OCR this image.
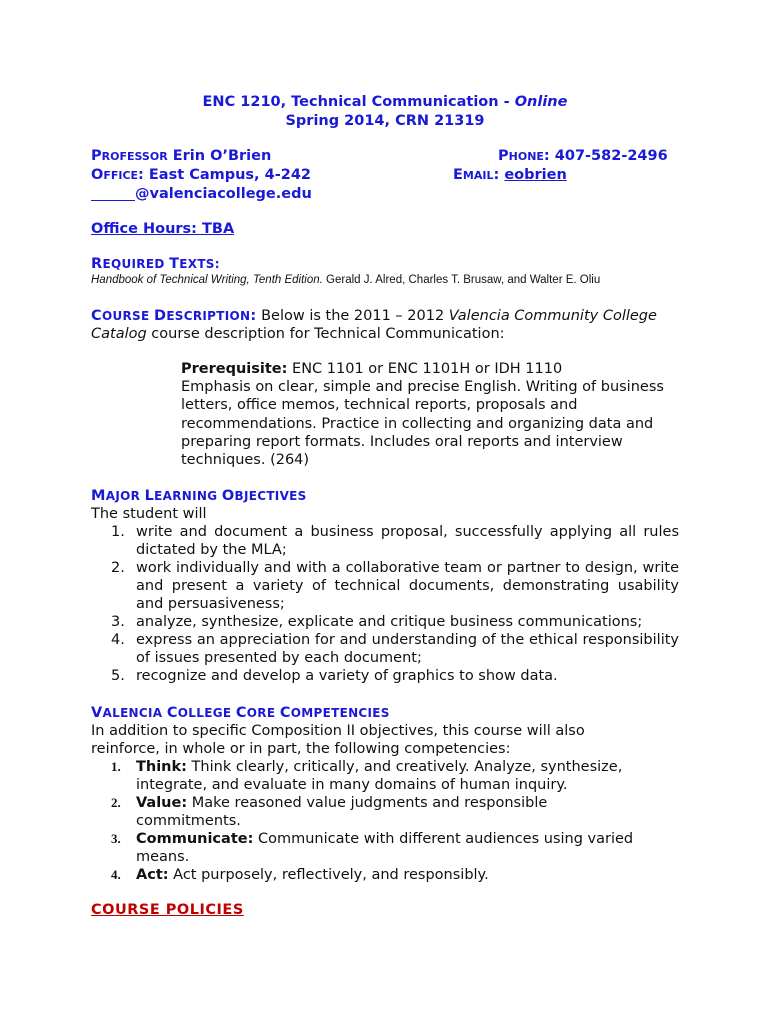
ENC 1210, Technical Communication - Online
Spring 2014, CRN 21319
PROFESSOR Erin O’Brien
OFFICE: East Campus, 4-242
@valenciacollege.edu
PHONE: 407-582-2496
EMAIL: eobrien
Office Hours: TBA
REQUIRED TEXTS:
Handbook of Technical Writing, Tenth Edition. Gerald J. Alred, Charles T. Brusaw, and Walter E. Oliu
COURSE DESCRIPTION: Below is the 2011 – 2012 Valencia Community College
Catalog course description for Technical Communication:
Prerequisite: ENC 1101 or ENC 1101H or IDH 1110
Emphasis on clear, simple and precise English. Writing of business letters, office memos, technical reports, proposals and recommendations. Practice in collecting and organizing data and preparing report formats. Includes oral reports and interview techniques. (264)
MAJOR LEARNING OBJECTIVES
The student will
1. write and document a business proposal, successfully applying all rules dictated by the MLA;
2. work individually and with a collaborative team or partner to design, write and present a variety of technical documents, demonstrating usability and persuasiveness;
3. analyze, synthesize, explicate and critique business communications;
4. express an appreciation for and understanding of the ethical responsibility of issues presented by each document;
5. recognize and develop a variety of graphics to show data.
VALENCIA COLLEGE CORE COMPETENCIES
In addition to specific Composition II objectives, this course will also reinforce, in whole or in part, the following competencies:
1. Think: Think clearly, critically, and creatively. Analyze, synthesize, integrate, and evaluate in many domains of human inquiry.
2. Value: Make reasoned value judgments and responsible commitments.
3. Communicate: Communicate with different audiences using varied means.
4. Act: Act purposely, reflectively, and responsibly.
COURSE POLICIES
